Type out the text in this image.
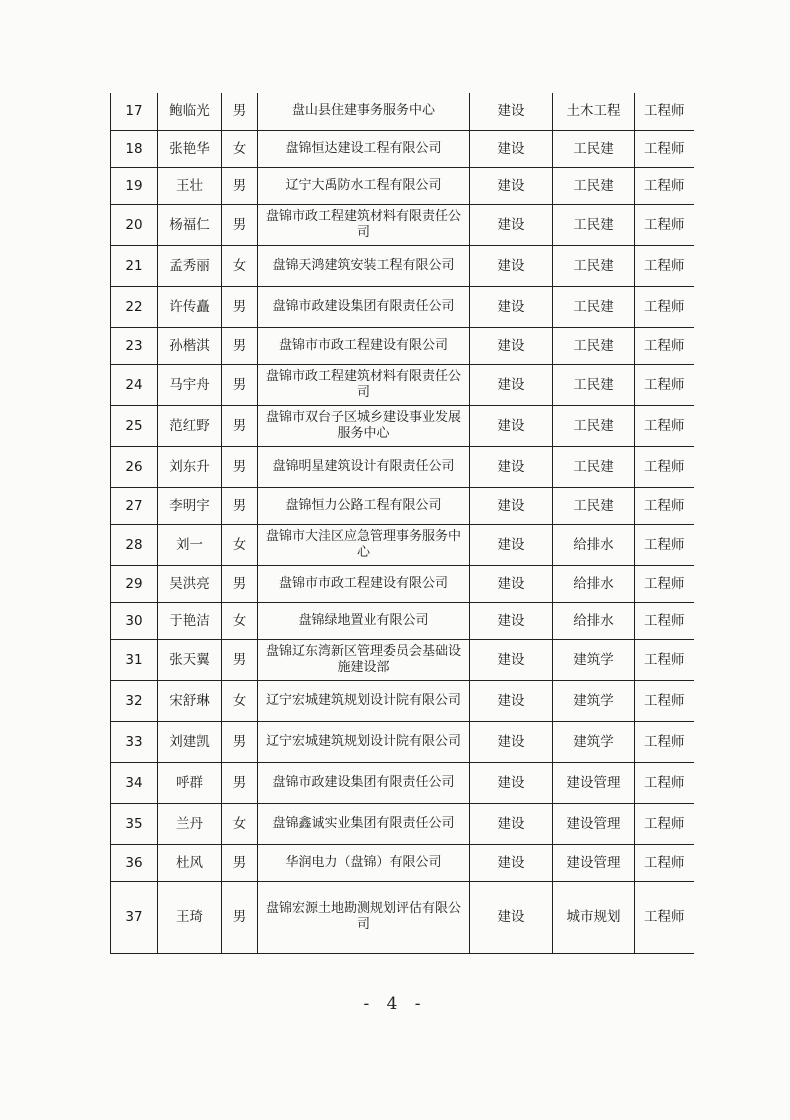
17	鲍临光	男	盘山县住建事务服务中心	建设	土木工程	工程师
18	张艳华	女	盘锦恒达建设工程有限公司	建设	工民建	工程师
19	王壮	男	辽宁大禹防水工程有限公司	建设	工民建	工程师
20	杨福仁	男	盘锦市政工程建筑材料有限责任公司	建设	工民建	工程师
21	孟秀丽	女	盘锦天鸿建筑安装工程有限公司	建设	工民建	工程师
22	许传矗	男	盘锦市政建设集团有限责任公司	建设	工民建	工程师
23	孙楷淇	男	盘锦市市政工程建设有限公司	建设	工民建	工程师
24	马宇舟	男	盘锦市政工程建筑材料有限责任公司	建设	工民建	工程师
25	范红野	男	盘锦市双台子区城乡建设事业发展服务中心	建设	工民建	工程师
26	刘东升	男	盘锦明星建筑设计有限责任公司	建设	工民建	工程师
27	李明宇	男	盘锦恒力公路工程有限公司	建设	工民建	工程师
28	刘一	女	盘锦市大洼区应急管理事务服务中心	建设	给排水	工程师
29	吴洪亮	男	盘锦市市政工程建设有限公司	建设	给排水	工程师
30	于艳洁	女	盘锦绿地置业有限公司	建设	给排水	工程师
31	张天翼	男	盘锦辽东湾新区管理委员会基础设施建设部	建设	建筑学	工程师
32	宋舒琳	女	辽宁宏城建筑规划设计院有限公司	建设	建筑学	工程师
33	刘建凯	男	辽宁宏城建筑规划设计院有限公司	建设	建筑学	工程师
34	呼群	男	盘锦市政建设集团有限责任公司	建设	建设管理	工程师
35	兰丹	女	盘锦鑫诚实业集团有限责任公司	建设	建设管理	工程师
36	杜风	男	华润电力（盘锦）有限公司	建设	建设管理	工程师
37	王琦	男	盘锦宏源土地勘测规划评估有限公司	建设	城市规划	工程师
- 4 -
